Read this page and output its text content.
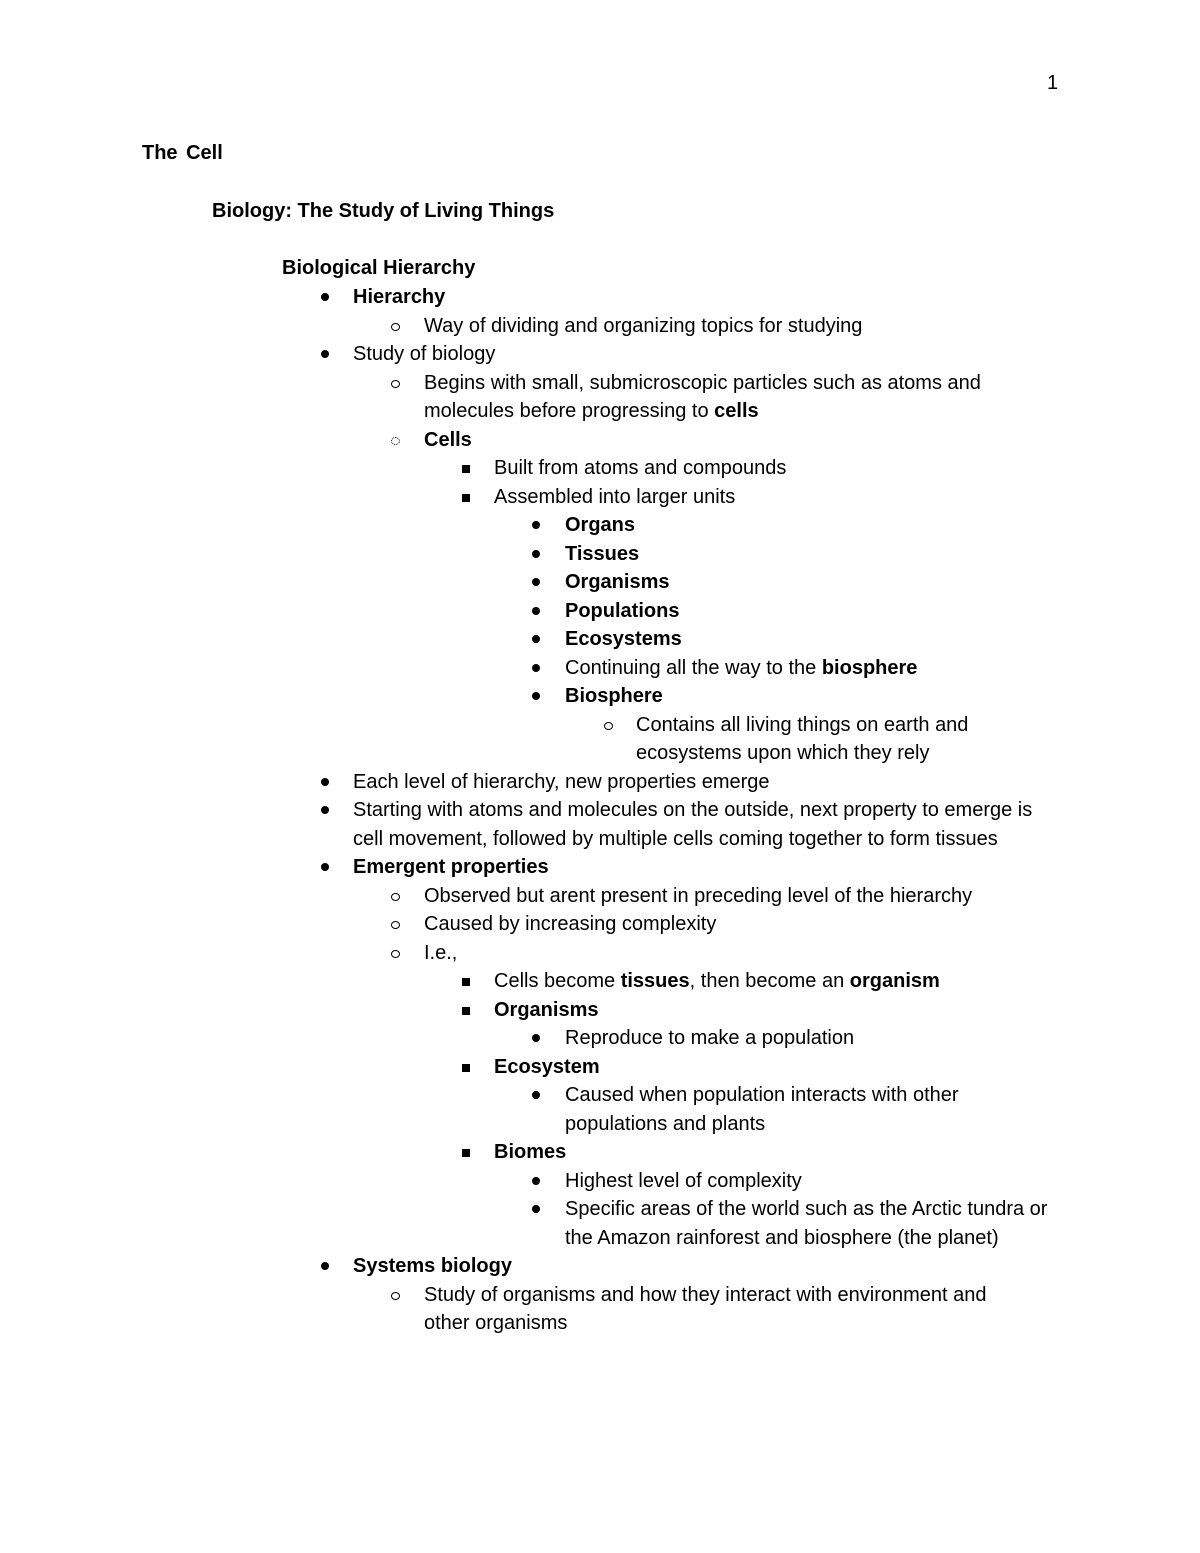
1
The Cell
Biology: The Study of Living Things
Biological Hierarchy
Hierarchy
Way of dividing and organizing topics for studying
Study of biology
Begins with small, submicroscopic particles such as atoms and molecules before progressing to cells
Cells
Built from atoms and compounds
Assembled into larger units
Organs
Tissues
Organisms
Populations
Ecosystems
Continuing all the way to the biosphere
Biosphere
Contains all living things on earth and ecosystems upon which they rely
Each level of hierarchy, new properties emerge
Starting with atoms and molecules on the outside, next property to emerge is cell movement, followed by multiple cells coming together to form tissues
Emergent properties
Observed but arent present in preceding level of the hierarchy
Caused by increasing complexity
I.e.,
Cells become tissues, then become an organism
Organisms
Reproduce to make a population
Ecosystem
Caused when population interacts with other populations and plants
Biomes
Highest level of complexity
Specific areas of the world such as the Arctic tundra or the Amazon rainforest and biosphere (the planet)
Systems biology
Study of organisms and how they interact with environment and other organisms
